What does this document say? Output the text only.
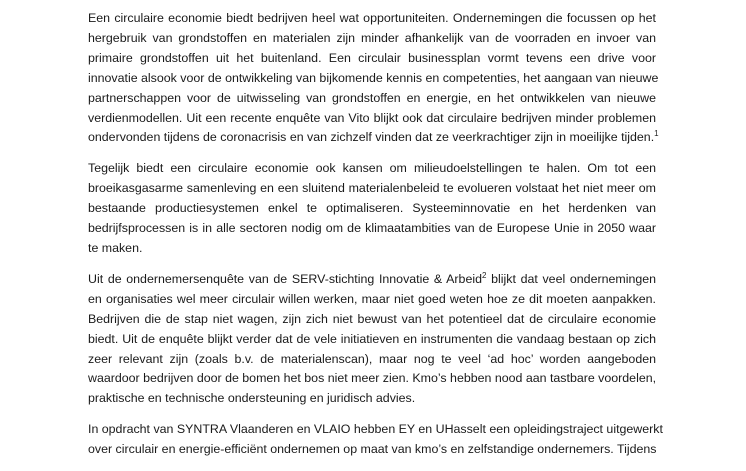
Een circulaire economie biedt bedrijven heel wat opportuniteiten. Ondernemingen die focussen op het
hergebruik van grondstoffen en materialen zijn minder afhankelijk van de voorraden en invoer van
primaire grondstoffen uit het buitenland. Een circulair businessplan vormt tevens een drive voor
innovatie alsook voor de ontwikkeling van bijkomende kennis en competenties, het aangaan van nieuwe
partnerschappen voor de uitwisseling van grondstoffen en energie, en het ontwikkelen van nieuwe
verdienmodellen. Uit een recente enquête van Vito blijkt ook dat circulaire bedrijven minder problemen
ondervonden tijdens de coronacrisis en van zichzelf vinden dat ze veerkrachtiger zijn in moeilijke tijden.$^1$

Tegelijk biedt een circulaire economie ook kansen om milieudoelstellingen te halen. Om tot een
broeikasgasarme samenleving en een sluitend materialenbeleid te evolueren volstaat het niet meer om
bestaande productiesystemen enkel te optimaliseren. Systeeminnovatie en het herdenken van
bedrijfsprocessen is in alle sectoren nodig om de klimaatambities van de Europese Unie in 2050 waar
te maken.

Uit de ondernemersenquête van de SERV-stichting Innovatie & Arbeid$^2$ blijkt dat veel ondernemingen
en organisaties wel meer circulair willen werken, maar niet goed weten hoe ze dit moeten aanpakken.
Bedrijven die de stap niet wagen, zijn zich niet bewust van het potentieel dat de circulaire economie
biedt. Uit de enquête blijkt verder dat de vele initiatieven en instrumenten die vandaag bestaan op zich
zeer relevant zijn (zoals b.v. de materialenscan), maar nog te veel ‘ad hoc’ worden aangeboden
waardoor bedrijven door de bomen het bos niet meer zien. Kmo’s hebben nood aan tastbare voordelen,
praktische en technische ondersteuning en juridisch advies.

In opdracht van SYNTRA Vlaanderen en VLAIO hebben EY en UHasselt een opleidingstraject uitgewerkt
over circulair en energie-efficiënt ondernemen op maat van kmo’s en zelfstandige ondernemers. Tijdens
